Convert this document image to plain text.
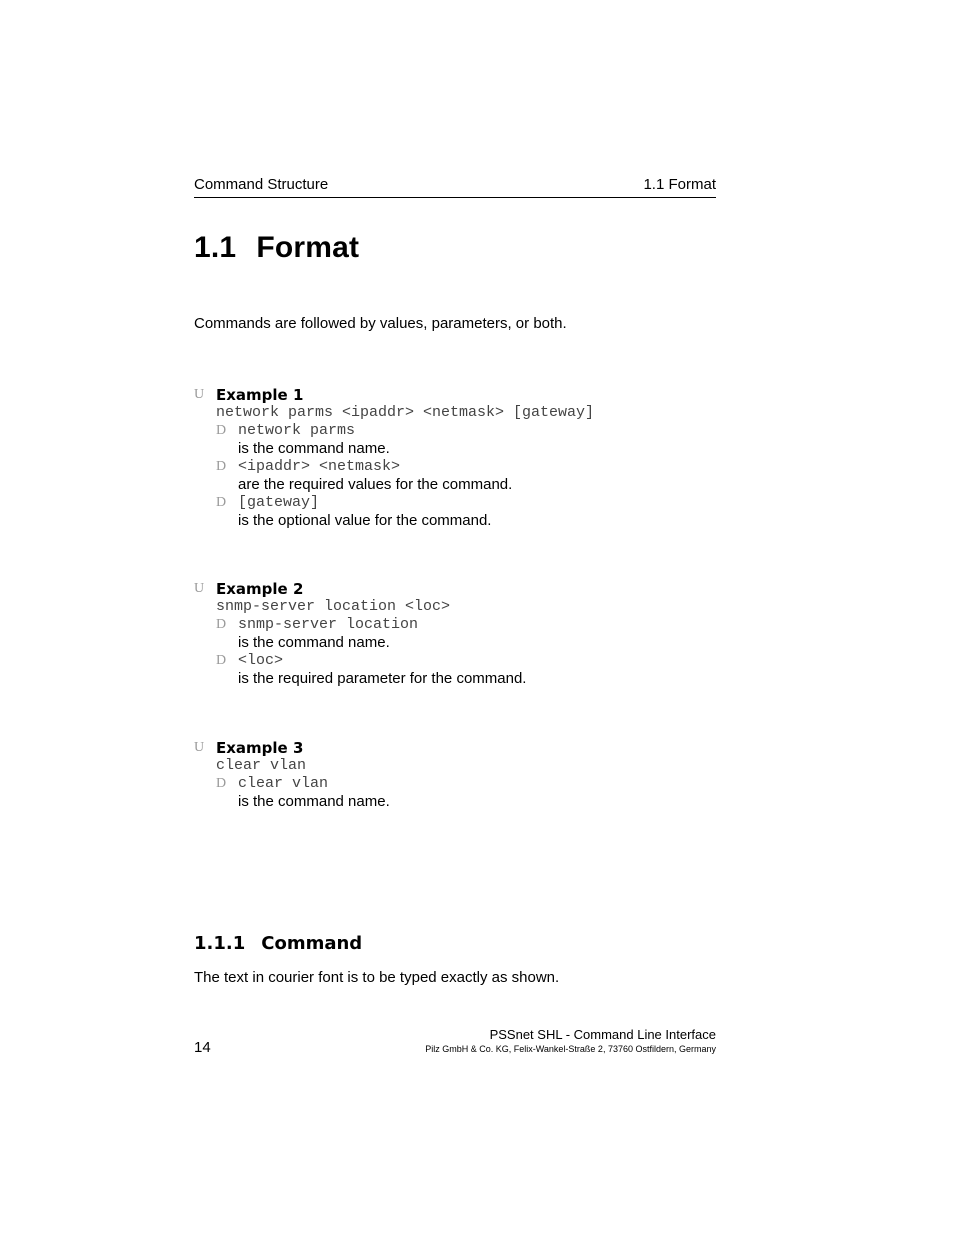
Command Structure	1.1 Format
1.1 Format

Commands are followed by values, parameters, or both.

U Example 1
network parms <ipaddr> <netmask> [gateway]
D network parms
is the command name.
D <ipaddr> <netmask>
are the required values for the command.
D [gateway]
is the optional value for the command.
U Example 2
snmp-server location <loc>
D snmp-server location
is the command name.
D <loc>
is the required parameter for the command.
U Example 3
clear vlan
D clear vlan
is the command name.
1.1.1 Command

The text in courier font is to be typed exactly as shown.

14
PSSnet SHL - Command Line Interface
Pilz GmbH & Co. KG, Felix-Wankel-Straße 2, 73760 Ostfildern, Germany
